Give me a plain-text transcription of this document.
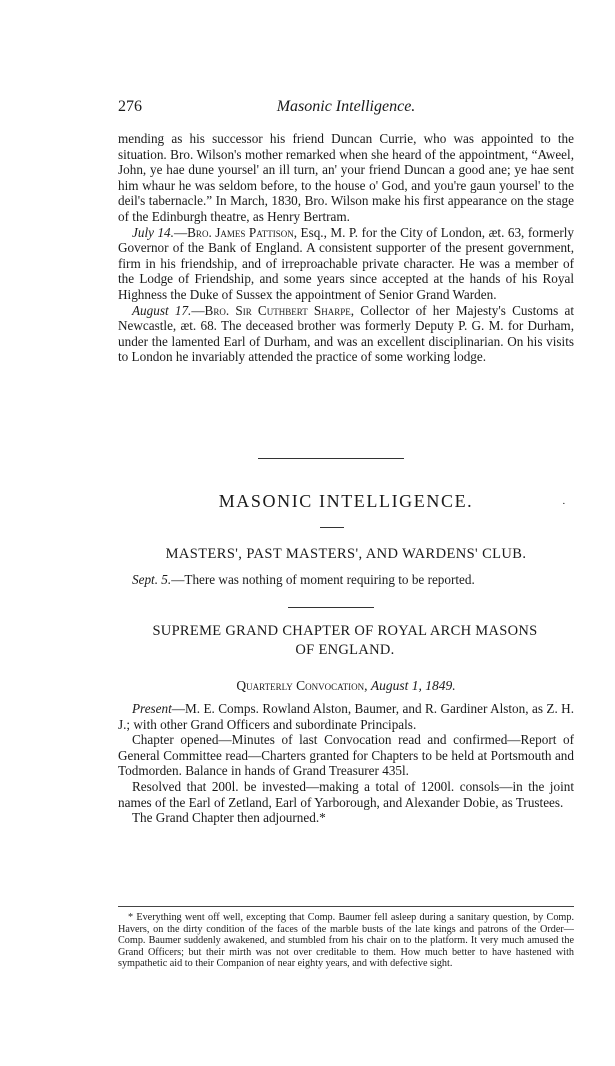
276	Masonic Intelligence.

mending as his successor his friend Duncan Currie, who was appointed to the situation. Bro. Wilson's mother remarked when she heard of the appointment, “Aweel, John, ye hae dune yoursel' an ill turn, an' your friend Duncan a good ane; ye hae sent him whaur he was seldom before, to the house o' God, and you're gaun yoursel' to the deil's tabernacle.” In March, 1830, Bro. Wilson make his first appearance on the stage of the Edinburgh theatre, as Henry Bertram.

July 14.—Bro. James Pattison, Esq., M. P. for the City of London, æt. 63, formerly Governor of the Bank of England. A consistent supporter of the present government, firm in his friendship, and of irreproachable private character. He was a member of the Lodge of Friendship, and some years since accepted at the hands of his Royal Highness the Duke of Sussex the appointment of Senior Grand Warden.

August 17.—Bro. Sir Cuthbert Sharpe, Collector of her Majesty's Customs at Newcastle, æt. 68. The deceased brother was formerly Deputy P. G. M. for Durham, under the lamented Earl of Durham, and was an excellent disciplinarian. On his visits to London he invariably attended the practice of some working lodge.

MASONIC INTELLIGENCE.	·
MASTERS', PAST MASTERS', AND WARDENS' CLUB.
Sept. 5.—There was nothing of moment requiring to be reported.
SUPREME GRAND CHAPTER OF ROYAL ARCH MASONS
OF ENGLAND.
Quarterly Convocation, August 1, 1849.

Present—M. E. Comps. Rowland Alston, Baumer, and R. Gardiner Alston, as Z. H. J.; with other Grand Officers and subordinate Principals.

Chapter opened—Minutes of last Convocation read and confirmed—Report of General Committee read—Charters granted for Chapters to be held at Portsmouth and Todmorden. Balance in hands of Grand Treasurer 435l.

Resolved that 200l. be invested—making a total of 1200l. consols—in the joint names of the Earl of Zetland, Earl of Yarborough, and Alexander Dobie, as Trustees.

The Grand Chapter then adjourned.*

* Everything went off well, excepting that Comp. Baumer fell asleep during a sanitary question, by Comp. Havers, on the dirty condition of the faces of the marble busts of the late kings and patrons of the Order—Comp. Baumer suddenly awakened, and stumbled from his chair on to the platform. It very much amused the Grand Officers; but their mirth was not over creditable to them. How much better to have hastened with sympathetic aid to their Companion of near eighty years, and with defective sight.
